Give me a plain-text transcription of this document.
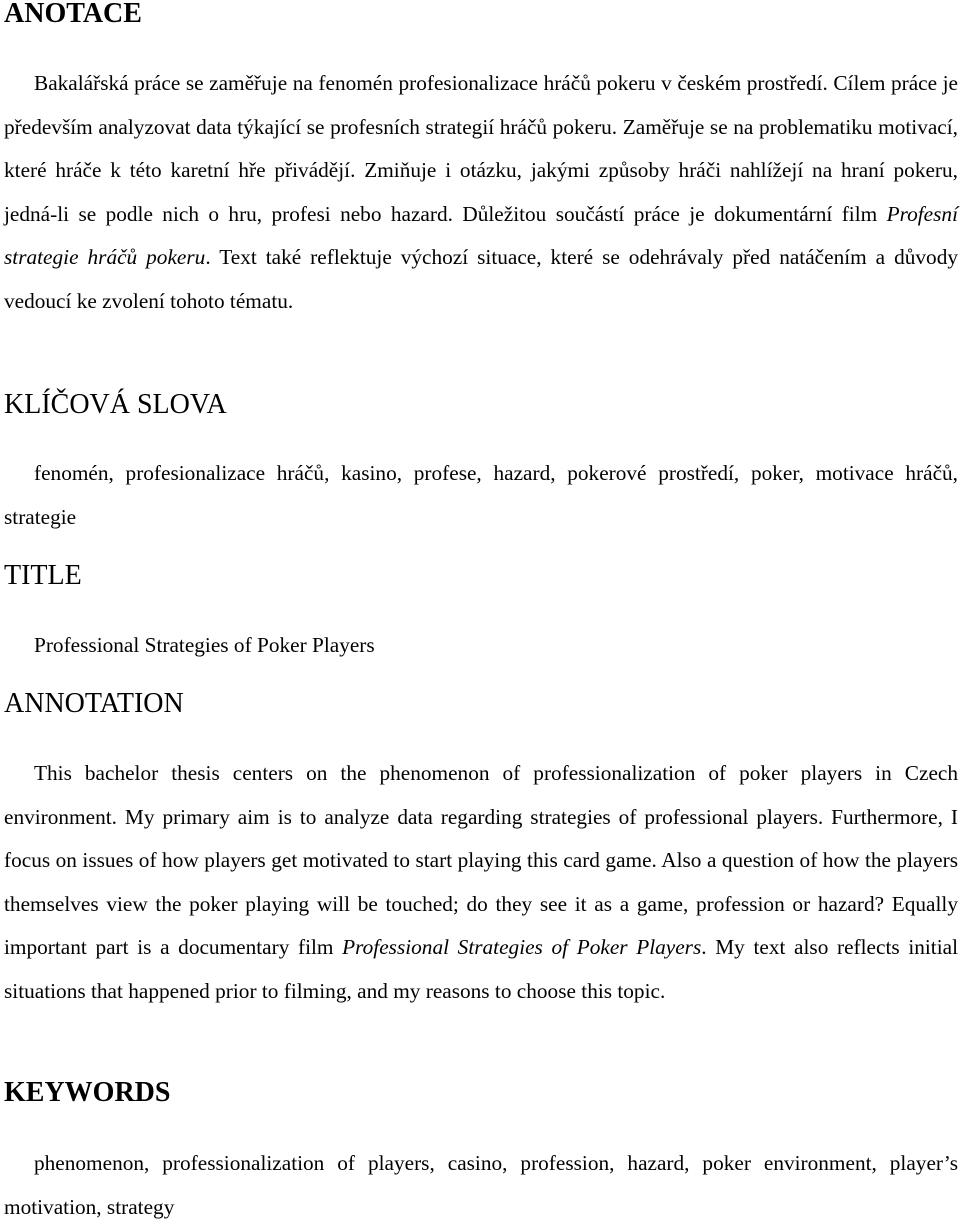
ANOTACE

Bakalářská práce se zaměřuje na fenomén profesionalizace hráčů pokeru v českém prostředí. Cílem práce je především analyzovat data týkající se profesních strategií hráčů pokeru. Zaměřuje se na problematiku motivací, které hráče k této karetní hře přivádějí. Zmiňuje i otázku, jakými způsoby hráči nahlížejí na hraní pokeru, jedná-li se podle nich o hru, profesi nebo hazard. Důležitou součástí práce je dokumentární film Profesní strategie hráčů pokeru. Text také reflektuje výchozí situace, které se odehrávaly před natáčením a důvody vedoucí ke zvolení tohoto tématu.

KLÍČOVÁ SLOVA

fenomén, profesionalizace hráčů, kasino, profese, hazard, pokerové prostředí, poker, motivace hráčů, strategie

TITLE

Professional Strategies of Poker Players

ANNOTATION

This bachelor thesis centers on the phenomenon of professionalization of poker players in Czech environment. My primary aim is to analyze data regarding strategies of professional players. Furthermore, I focus on issues of how players get motivated to start playing this card game. Also a question of how the players themselves view the poker playing will be touched; do they see it as a game, profession or hazard? Equally important part is a documentary film Professional Strategies of Poker Players. My text also reflects initial situations that happened prior to filming, and my reasons to choose this topic.

KEYWORDS

phenomenon, professionalization of players, casino, profession, hazard, poker environment, player’s motivation, strategy
